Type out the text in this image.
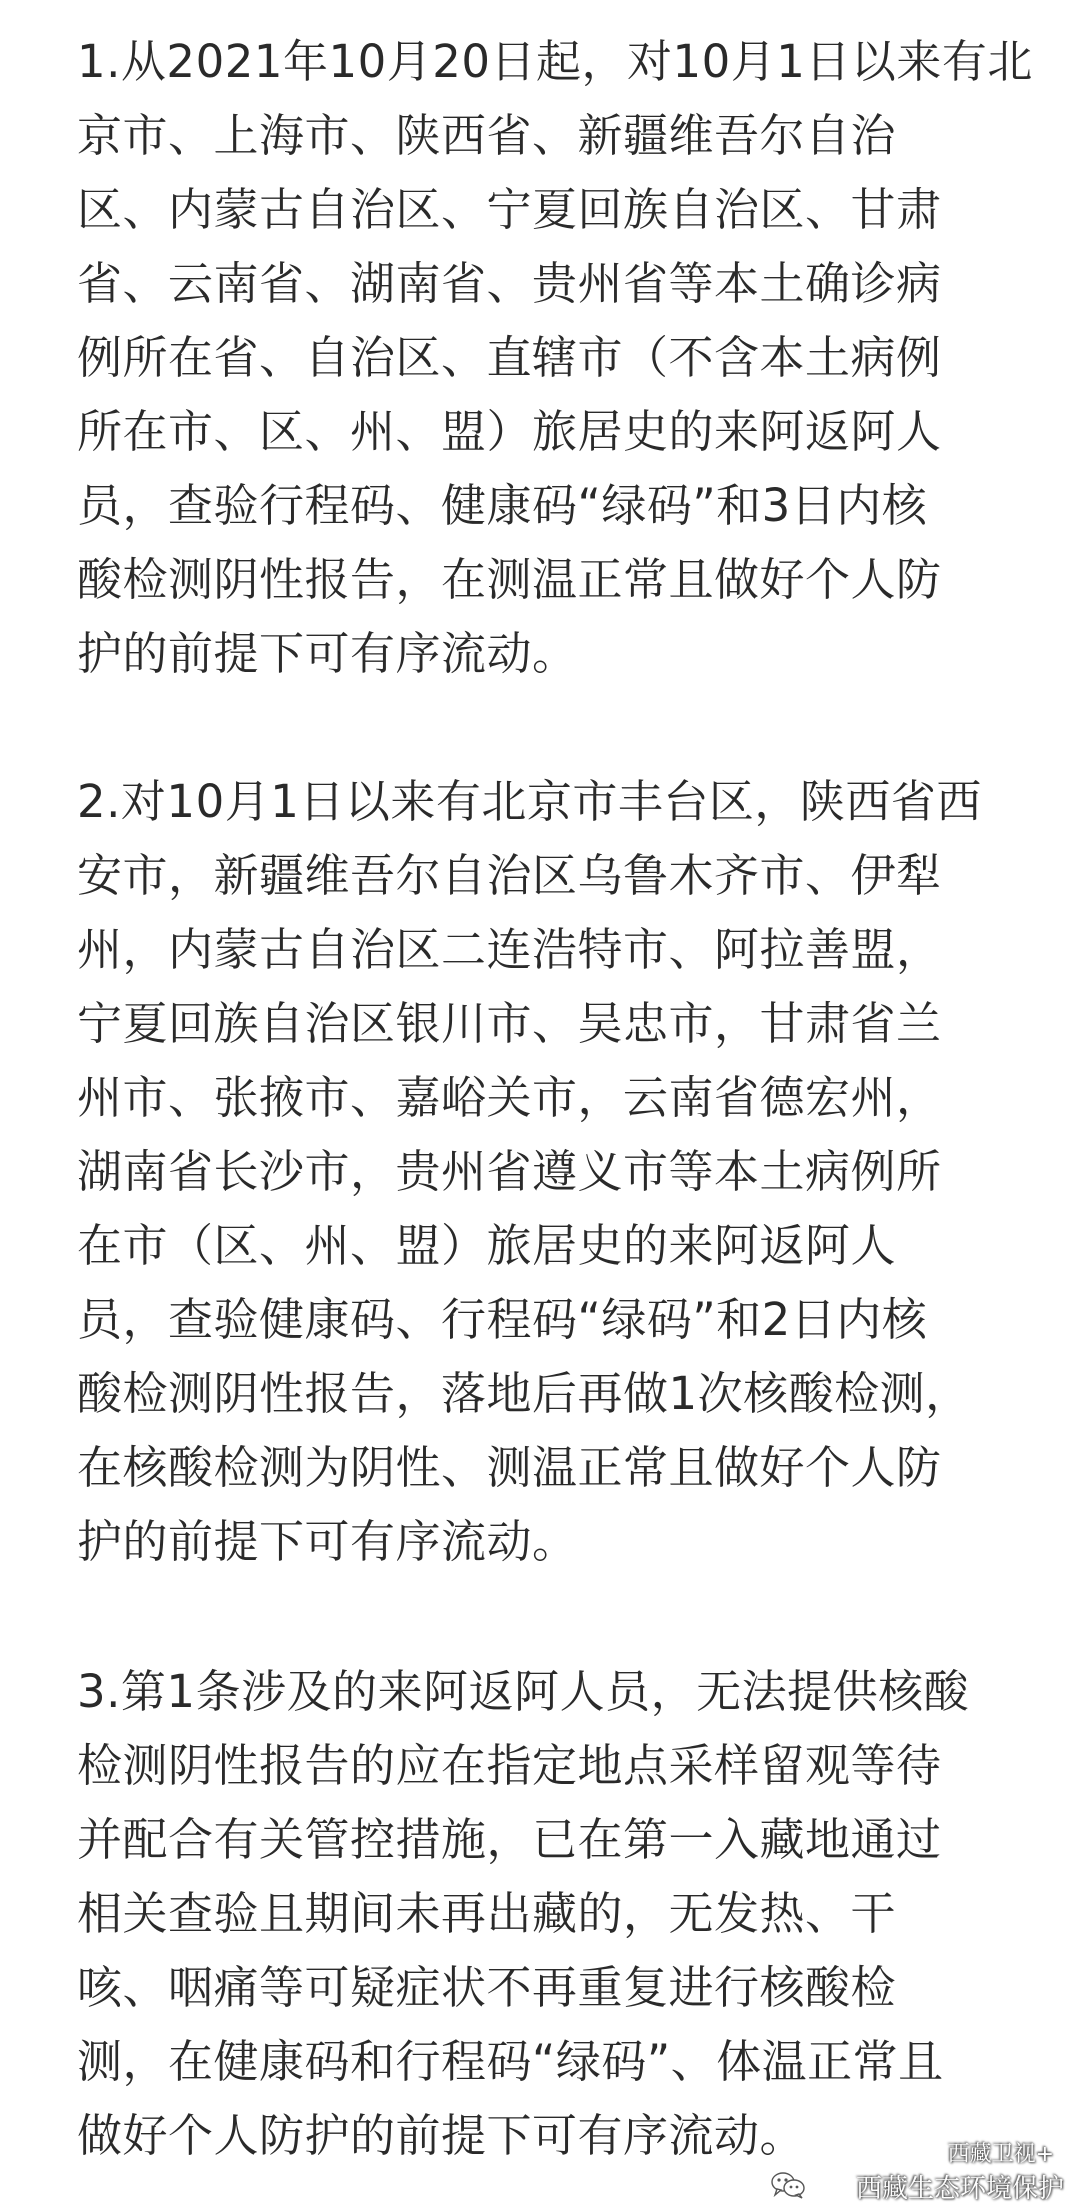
1.从2021年10月20日起，对10月1日以来有北
京市、上海市、陕西省、新疆维吾尔自治
区、内蒙古自治区、宁夏回族自治区、甘肃
省、云南省、湖南省、贵州省等本土确诊病
例所在省、自治区、直辖市（不含本土病例
所在市、区、州、盟）旅居史的来阿返阿人
员，查验行程码、健康码“绿码”和3日内核
酸检测阴性报告，在测温正常且做好个人防
护的前提下可有序流动。
2.对10月1日以来有北京市丰台区，陕西省西
安市，新疆维吾尔自治区乌鲁木齐市、伊犁
州，内蒙古自治区二连浩特市、阿拉善盟，
宁夏回族自治区银川市、吴忠市，甘肃省兰
州市、张掖市、嘉峪关市，云南省德宏州，
湖南省长沙市，贵州省遵义市等本土病例所
在市（区、州、盟）旅居史的来阿返阿人
员，查验健康码、行程码“绿码”和2日内核
酸检测阴性报告，落地后再做1次核酸检测，
在核酸检测为阴性、测温正常且做好个人防
护的前提下可有序流动。
3.第1条涉及的来阿返阿人员，无法提供核酸
检测阴性报告的应在指定地点采样留观等待
并配合有关管控措施，已在第一入藏地通过
相关查验且期间未再出藏的，无发热、干
咳、咽痛等可疑症状不再重复进行核酸检
测，在健康码和行程码“绿码”、体温正常且
做好个人防护的前提下可有序流动。	西藏卫视+
西藏生态环境保护
